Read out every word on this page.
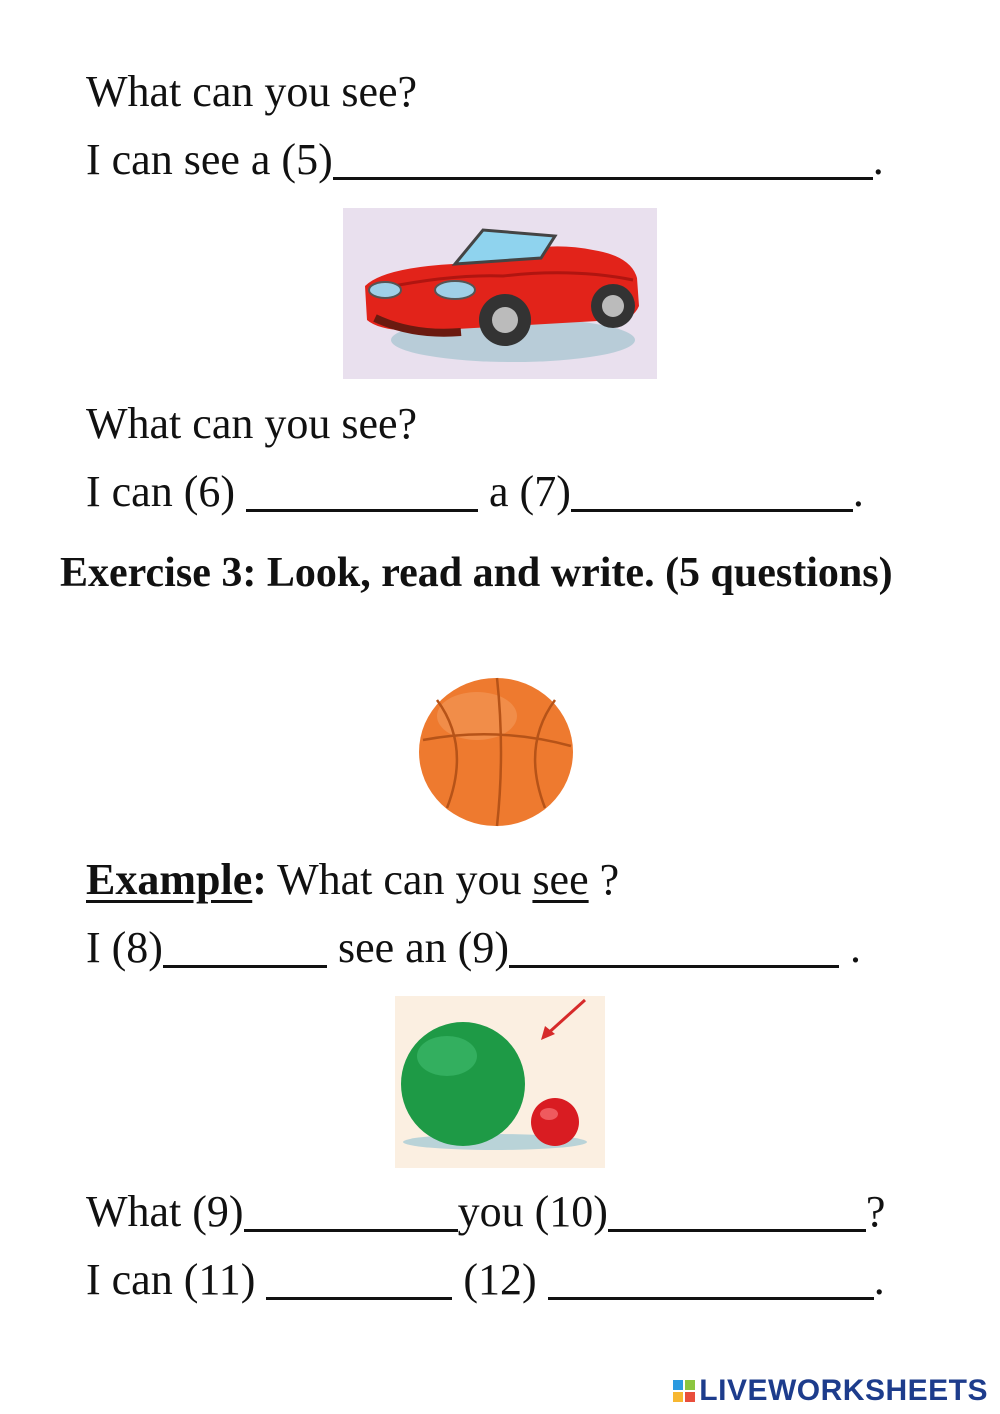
What can you see?
I can see a (5)	.
What can you see?
I can (6)	a (7)	.
Exercise 3: Look, read and write. (5 questions)
Example: What can you see ?
I (8)	see an (9)	.
What (9)	you (10)	?
I can (11)	(12)	.
LIVEWORKSHEETS
